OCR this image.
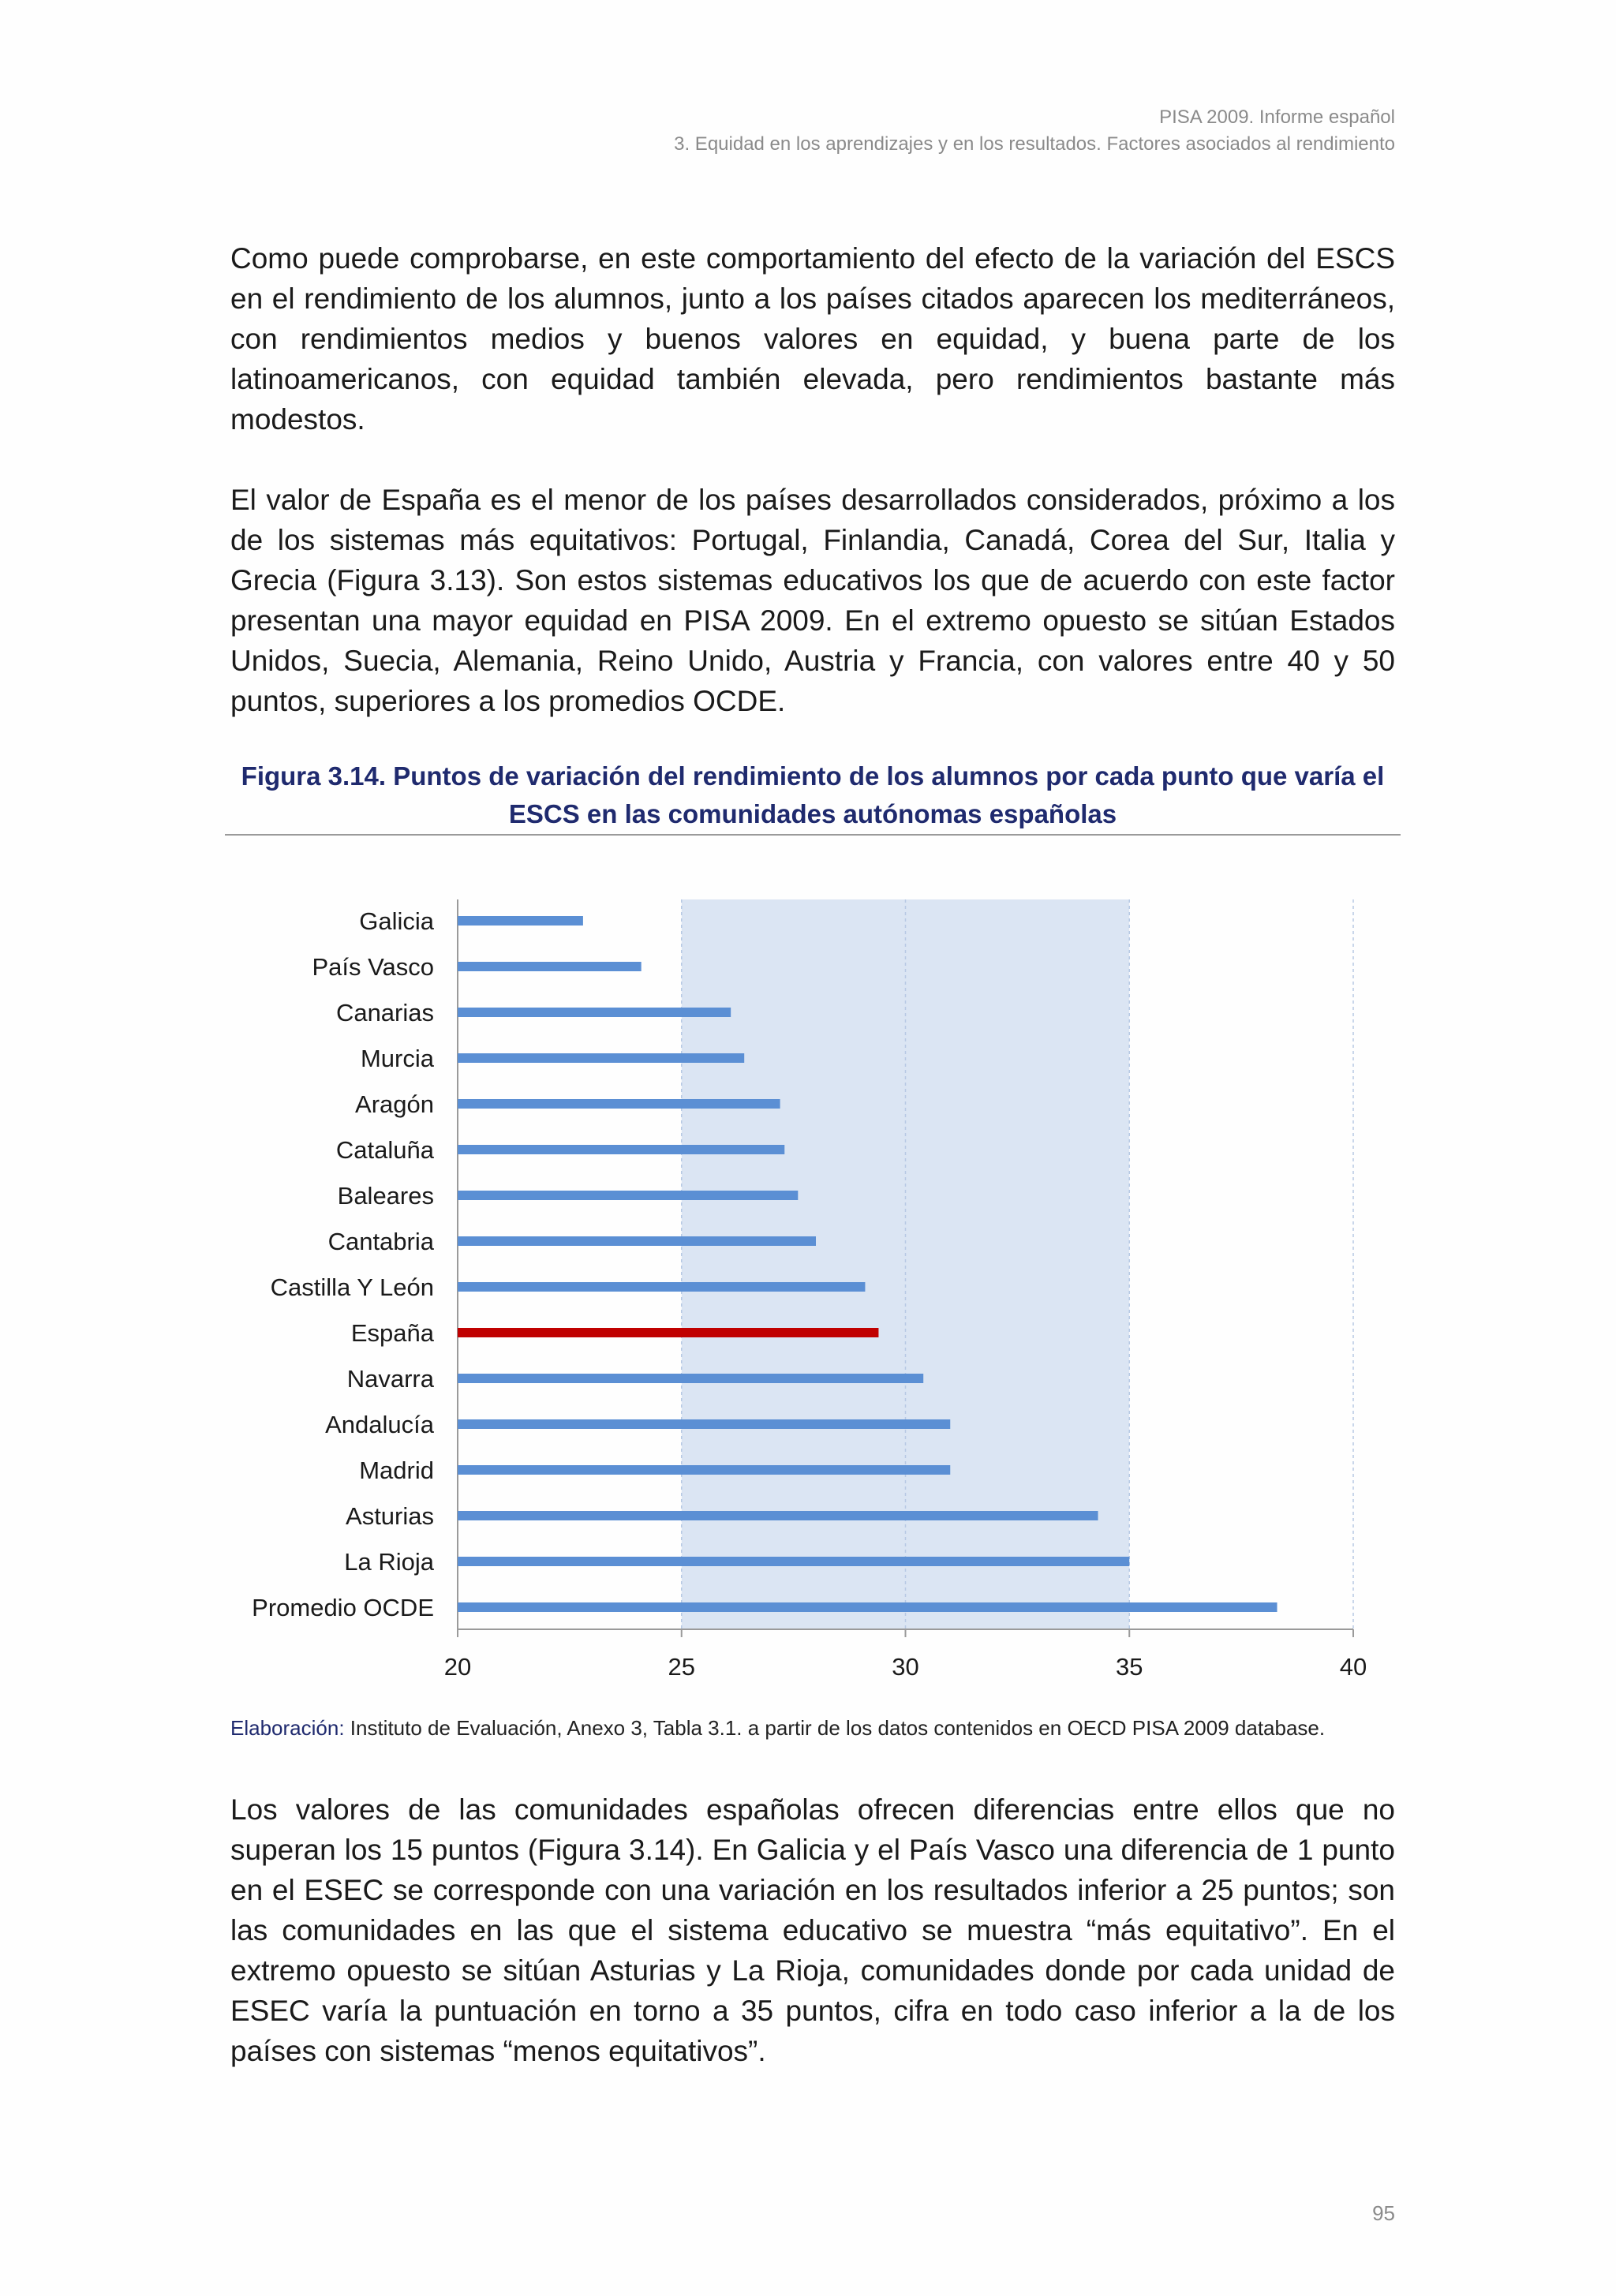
PISA 2009. Informe español
3. Equidad en los aprendizajes y en los resultados. Factores asociados al rendimiento

Como puede comprobarse, en este comportamiento del efecto de la variación del ESCS en el rendimiento de los alumnos, junto a los países citados aparecen los mediterráneos, con rendimientos medios y buenos valores en equidad, y buena parte de los latinoamericanos, con equidad también elevada, pero rendimientos bastante más modestos.

El valor de España es el menor de los países desarrollados considerados, próximo a los de los sistemas más equitativos: Portugal, Finlandia, Canadá, Corea del Sur, Italia y Grecia (Figura 3.13). Son estos sistemas educativos los que de acuerdo con este factor presentan una mayor equidad en PISA 2009. En el extremo opuesto se sitúan Estados Unidos, Suecia, Alemania, Reino Unido, Austria y Francia, con valores entre 40 y 50 puntos, superiores a los promedios OCDE.

Figura 3.14. Puntos de variación del rendimiento de los alumnos por cada punto que varía el
ESCS en las comunidades autónomas españolas
20	25	30	35	40
Galicia
País Vasco
Canarias
Murcia
Aragón
Cataluña
Baleares
Cantabria
Castilla Y León
España
Navarra
Andalucía
Madrid
Asturias
La Rioja
Promedio OCDE
Elaboración: Instituto de Evaluación, Anexo 3, Tabla 3.1. a partir de los datos contenidos en OECD PISA 2009 database.

Los valores de las comunidades españolas ofrecen diferencias entre ellos que no superan los 15 puntos (Figura 3.14). En Galicia y el País Vasco una diferencia de 1 punto en el ESEC se corresponde con una variación en los resultados inferior a 25 puntos; son las comunidades en las que el sistema educativo se muestra “más equitativo”. En el extremo opuesto se sitúan Asturias y La Rioja, comunidades donde por cada unidad de ESEC varía la puntuación en torno a 35 puntos, cifra en todo caso inferior a la de los países con sistemas “menos equitativos”.

95
